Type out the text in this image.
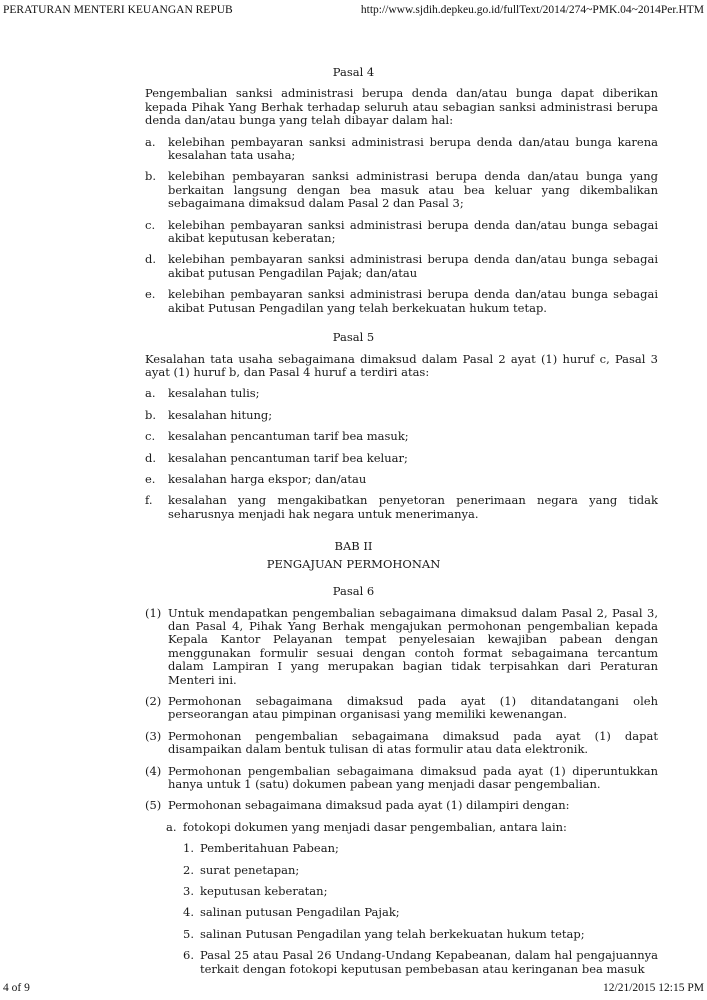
PERATURAN MENTERI KEUANGAN REPUB	http://www.sjdih.depkeu.go.id/fullText/2014/274~PMK.04~2014Per.HTM
Pasal 4

Pengembalian sanksi administrasi berupa denda dan/atau bunga dapat diberikan kepada Pihak Yang Berhak terhadap seluruh atau sebagian sanksi administrasi berupa denda dan/atau bunga yang telah dibayar dalam hal:

a. kelebihan pembayaran sanksi administrasi berupa denda dan/atau bunga karena kesalahan tata usaha;
b. kelebihan pembayaran sanksi administrasi berupa denda dan/atau bunga yang berkaitan langsung dengan bea masuk atau bea keluar yang dikembalikan sebagaimana dimaksud dalam Pasal 2 dan Pasal 3;
c. kelebihan pembayaran sanksi administrasi berupa denda dan/atau bunga sebagai akibat keputusan keberatan;
d. kelebihan pembayaran sanksi administrasi berupa denda dan/atau bunga sebagai akibat putusan Pengadilan Pajak; dan/atau
e. kelebihan pembayaran sanksi administrasi berupa denda dan/atau bunga sebagai akibat Putusan Pengadilan yang telah berkekuatan hukum tetap.
Pasal 5

Kesalahan tata usaha sebagaimana dimaksud dalam Pasal 2 ayat (1) huruf c, Pasal 3 ayat (1) huruf b, dan Pasal 4 huruf a terdiri atas:

a. kesalahan tulis;
b. kesalahan hitung;
c. kesalahan pencantuman tarif bea masuk;
d. kesalahan pencantuman tarif bea keluar;
e. kesalahan harga ekspor; dan/atau
f. kesalahan yang mengakibatkan penyetoran penerimaan negara yang tidak seharusnya menjadi hak negara untuk menerimanya.
BAB II
PENGAJUAN PERMOHONAN
Pasal 6
(1) Untuk mendapatkan pengembalian sebagaimana dimaksud dalam Pasal 2, Pasal 3, dan Pasal 4, Pihak Yang Berhak mengajukan permohonan pengembalian kepada Kepala Kantor Pelayanan tempat penyelesaian kewajiban pabean dengan menggunakan formulir sesuai dengan contoh format sebagaimana tercantum dalam Lampiran I yang merupakan bagian tidak terpisahkan dari Peraturan Menteri ini.
(2) Permohonan sebagaimana dimaksud pada ayat (1) ditandatangani oleh perseorangan atau pimpinan organisasi yang memiliki kewenangan.
(3) Permohonan pengembalian sebagaimana dimaksud pada ayat (1) dapat disampaikan dalam bentuk tulisan di atas formulir atau data elektronik.
(4) Permohonan pengembalian sebagaimana dimaksud pada ayat (1) diperuntukkan hanya untuk 1 (satu) dokumen pabean yang menjadi dasar pengembalian.
(5) Permohonan sebagaimana dimaksud pada ayat (1) dilampiri dengan:
a. fotokopi dokumen yang menjadi dasar pengembalian, antara lain:
1. Pemberitahuan Pabean;
2. surat penetapan;
3. keputusan keberatan;
4. salinan putusan Pengadilan Pajak;
5. salinan Putusan Pengadilan yang telah berkekuatan hukum tetap;
6. Pasal 25 atau Pasal 26 Undang-Undang Kepabeanan, dalam hal pengajuannya terkait dengan fotokopi keputusan pembebasan atau keringanan bea masuk
4 of 9	12/21/2015 12:15 PM
